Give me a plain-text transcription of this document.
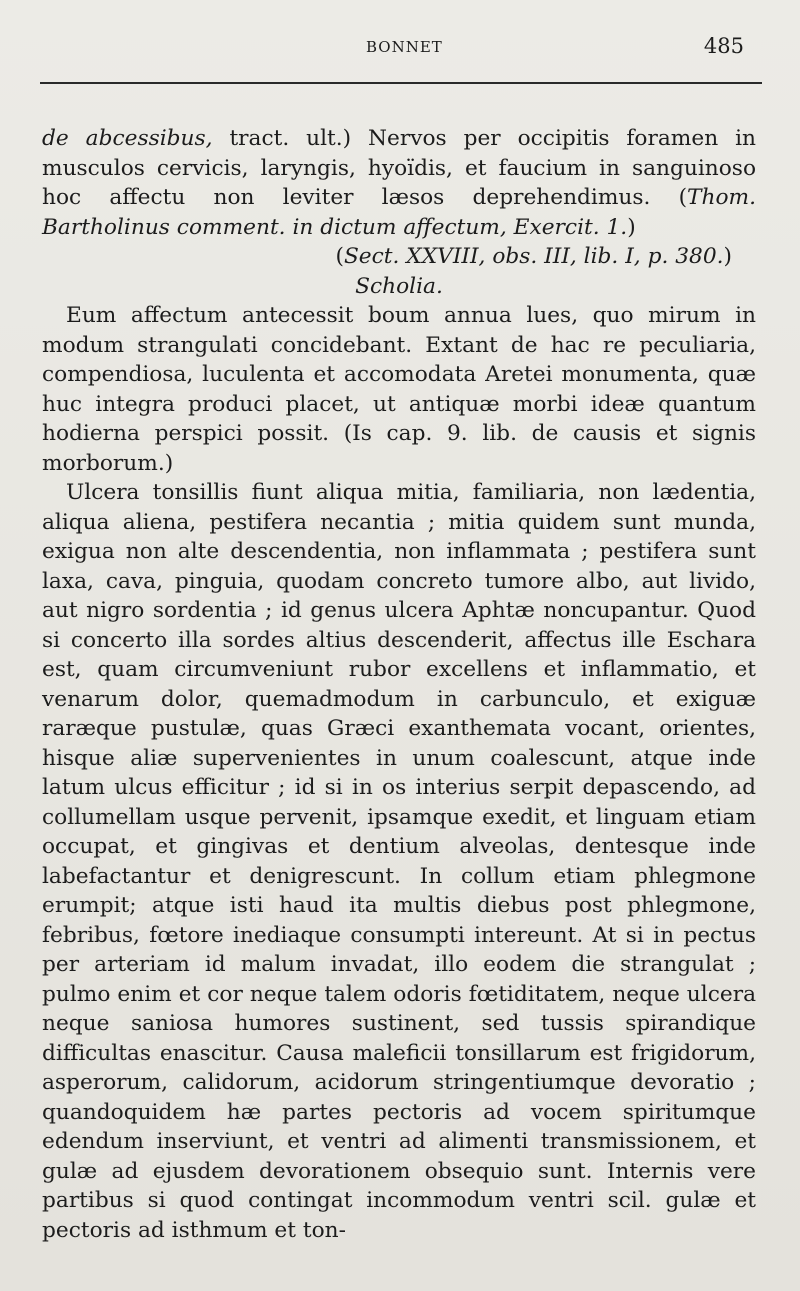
BONNET	485

de abcessibus, tract. ult.) Nervos per occipitis foramen in musculos cervicis, laryngis, hyoïdis, et faucium in sanguinoso hoc affectu non leviter læsos deprehendimus. (Thom. Bartholinus comment. in dictum affectum, Exercit. 1.)

(Sect. XXVIII, obs. III, lib. I, p. 380.)

Scholia.

Eum affectum antecessit boum annua lues, quo mirum in modum strangulati concidebant. Extant de hac re peculiaria, compendiosa, luculenta et accomodata Aretei monumenta, quæ huc integra produci placet, ut antiquæ morbi ideæ quantum hodierna perspici possit. (Is cap. 9. lib. de causis et signis morborum.)

Ulcera tonsillis fiunt aliqua mitia, familiaria, non lædentia, aliqua aliena, pestifera necantia ; mitia quidem sunt munda, exigua non alte descendentia, non inflammata ; pestifera sunt laxa, cava, pinguia, quodam concreto tumore albo, aut livido, aut nigro sordentia ; id genus ulcera Aphtæ noncupantur. Quod si concerto illa sordes altius descenderit, affectus ille Eschara est, quam circumveniunt rubor excellens et inflammatio, et venarum dolor, quemadmodum in carbunculo, et exiguæ raræque pustulæ, quas Græci exanthemata vocant, orientes, hisque aliæ supervenientes in unum coalescunt, atque inde latum ulcus efficitur ; id si in os interius serpit depascendo, ad collumellam usque pervenit, ipsamque exedit, et linguam etiam occupat, et gingivas et dentium alveolas, dentesque inde labefactantur et denigrescunt. In collum etiam phlegmone erumpit; atque isti haud ita multis diebus post phlegmone, febribus, fœtore inediaque consumpti intereunt. At si in pectus per arteriam id malum invadat, illo eodem die strangulat ; pulmo enim et cor neque talem odoris fœtiditatem, neque ulcera neque saniosa humores sustinent, sed tussis spirandique difficultas enascitur. Causa maleficii tonsillarum est frigidorum, asperorum, calidorum, acidorum stringentiumque devoratio ; quandoquidem hæ partes pectoris ad vocem spiritumque edendum inserviunt, et ventri ad alimenti transmissionem, et gulæ ad ejusdem devorationem obsequio sunt. Internis vere partibus si quod contingat incommodum ventri scil. gulæ et pectoris ad isthmum et ton-
